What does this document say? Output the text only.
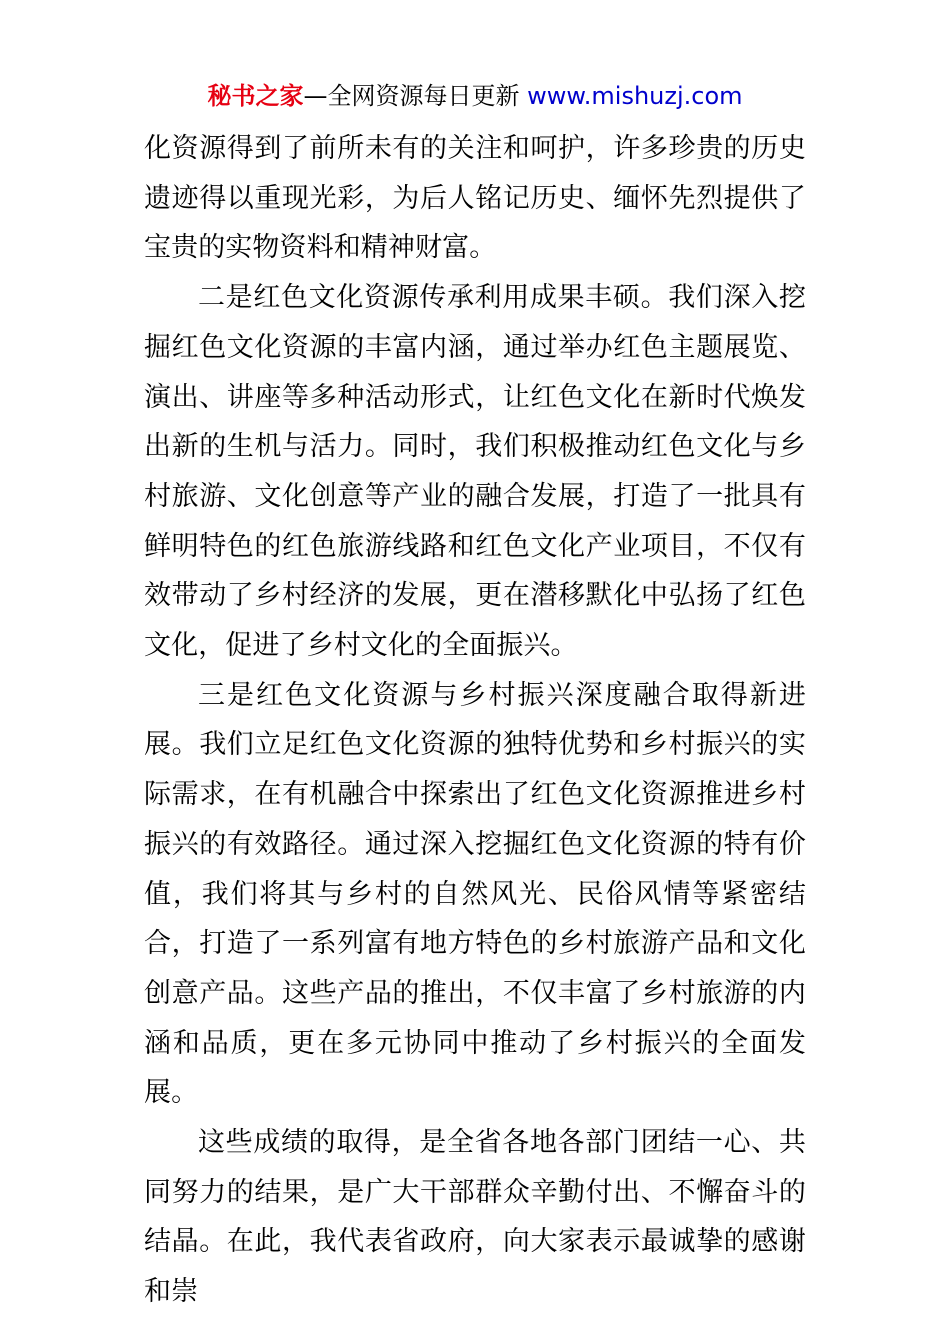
秘书之家—全网资源每日更新 www.mishuzj.com

化资源得到了前所未有的关注和呵护，许多珍贵的历史遗迹得以重现光彩，为后人铭记历史、缅怀先烈提供了宝贵的实物资料和精神财富。

二是红色文化资源传承利用成果丰硕。我们深入挖掘红色文化资源的丰富内涵，通过举办红色主题展览、演出、讲座等多种活动形式，让红色文化在新时代焕发出新的生机与活力。同时，我们积极推动红色文化与乡村旅游、文化创意等产业的融合发展，打造了一批具有鲜明特色的红色旅游线路和红色文化产业项目，不仅有效带动了乡村经济的发展，更在潜移默化中弘扬了红色文化，促进了乡村文化的全面振兴。

三是红色文化资源与乡村振兴深度融合取得新进展。我们立足红色文化资源的独特优势和乡村振兴的实际需求，在有机融合中探索出了红色文化资源推进乡村振兴的有效路径。通过深入挖掘红色文化资源的特有价值，我们将其与乡村的自然风光、民俗风情等紧密结合，打造了一系列富有地方特色的乡村旅游产品和文化创意产品。这些产品的推出，不仅丰富了乡村旅游的内涵和品质，更在多元协同中推动了乡村振兴的全面发展。

这些成绩的取得，是全省各地各部门团结一心、共同努力的结果，是广大干部群众辛勤付出、不懈奋斗的结晶。在此，我代表省政府，向大家表示最诚挚的感谢和崇
